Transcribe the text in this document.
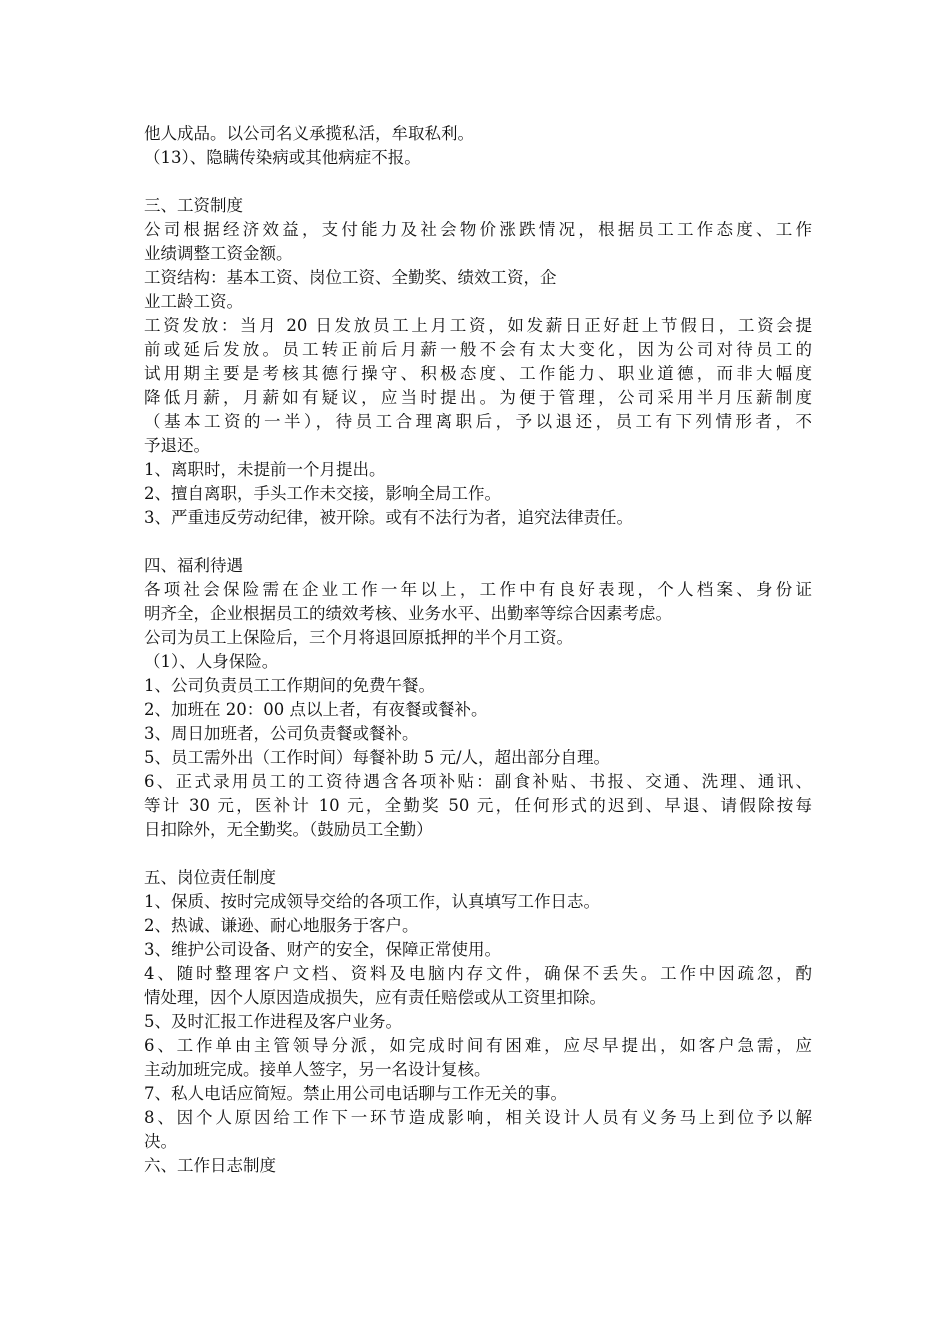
他人成品。以公司名义承揽私活，牟取私利。
（13）、隐瞒传染病或其他病症不报。
三、工资制度
公司根据经济效益，支付能力及社会物价涨跌情况，根据员工工作态度、工作
业绩调整工资金额。
工资结构：基本工资、岗位工资、全勤奖、绩效工资，企
业工龄工资。
工资发放：当月 20 日发放员工上月工资，如发薪日正好赶上节假日，工资会提
前或延后发放。员工转正前后月薪一般不会有太大变化，因为公司对待员工的
试用期主要是考核其德行操守、积极态度、工作能力、职业道德，而非大幅度
降低月薪，月薪如有疑议，应当时提出。为便于管理，公司采用半月压薪制度
（基本工资的一半），待员工合理离职后，予以退还，员工有下列情形者，不
予退还。
1、离职时，未提前一个月提出。
2、擅自离职，手头工作未交接，影响全局工作。
3、严重违反劳动纪律，被开除。或有不法行为者，追究法律责任。
四、福利待遇
各项社会保险需在企业工作一年以上，工作中有良好表现，个人档案、身份证
明齐全，企业根据员工的绩效考核、业务水平、出勤率等综合因素考虑。
公司为员工上保险后，三个月将退回原抵押的半个月工资。
（1）、人身保险。
1、公司负责员工工作期间的免费午餐。
2、加班在 20：00 点以上者，有夜餐或餐补。
3、周日加班者，公司负责餐或餐补。
5、员工需外出（工作时间）每餐补助 5 元/人，超出部分自理。
6、正式录用员工的工资待遇含各项补贴：副食补贴、书报、交通、洗理、通讯、
等计 30 元，医补计 10 元，全勤奖 50 元，任何形式的迟到、早退、请假除按每
日扣除外，无全勤奖。（鼓励员工全勤）
五、岗位责任制度
1、保质、按时完成领导交给的各项工作，认真填写工作日志。
2、热诚、谦逊、耐心地服务于客户。
3、维护公司设备、财产的安全，保障正常使用。
4、随时整理客户文档、资料及电脑内存文件，确保不丢失。工作中因疏忽，酌
情处理，因个人原因造成损失，应有责任赔偿或从工资里扣除。
5、及时汇报工作进程及客户业务。
6、工作单由主管领导分派，如完成时间有困难，应尽早提出，如客户急需，应
主动加班完成。接单人签字，另一名设计复核。
7、私人电话应简短。禁止用公司电话聊与工作无关的事。
8、因个人原因给工作下一环节造成影响，相关设计人员有义务马上到位予以解
决。
六、工作日志制度
